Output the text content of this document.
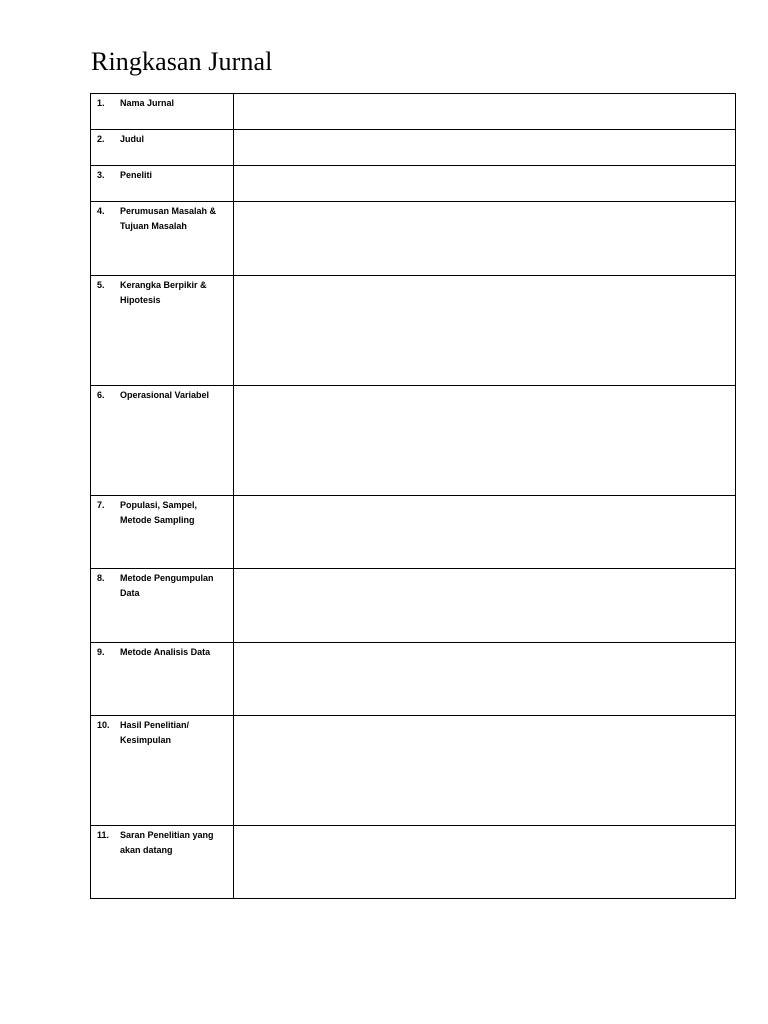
Ringkasan Jurnal
1. Nama Jurnal	

2. Judul	

3. Peneliti	

4. Perumusan Masalah & Tujuan Masalah	

5. Kerangka Berpikir & Hipotesis	

6. Operasional Variabel	

7. Populasi, Sampel, Metode Sampling	

8. Metode Pengumpulan Data	

9. Metode Analisis Data	

10. Hasil Penelitian/ Kesimpulan	

11. Saran Penelitian yang akan datang	
